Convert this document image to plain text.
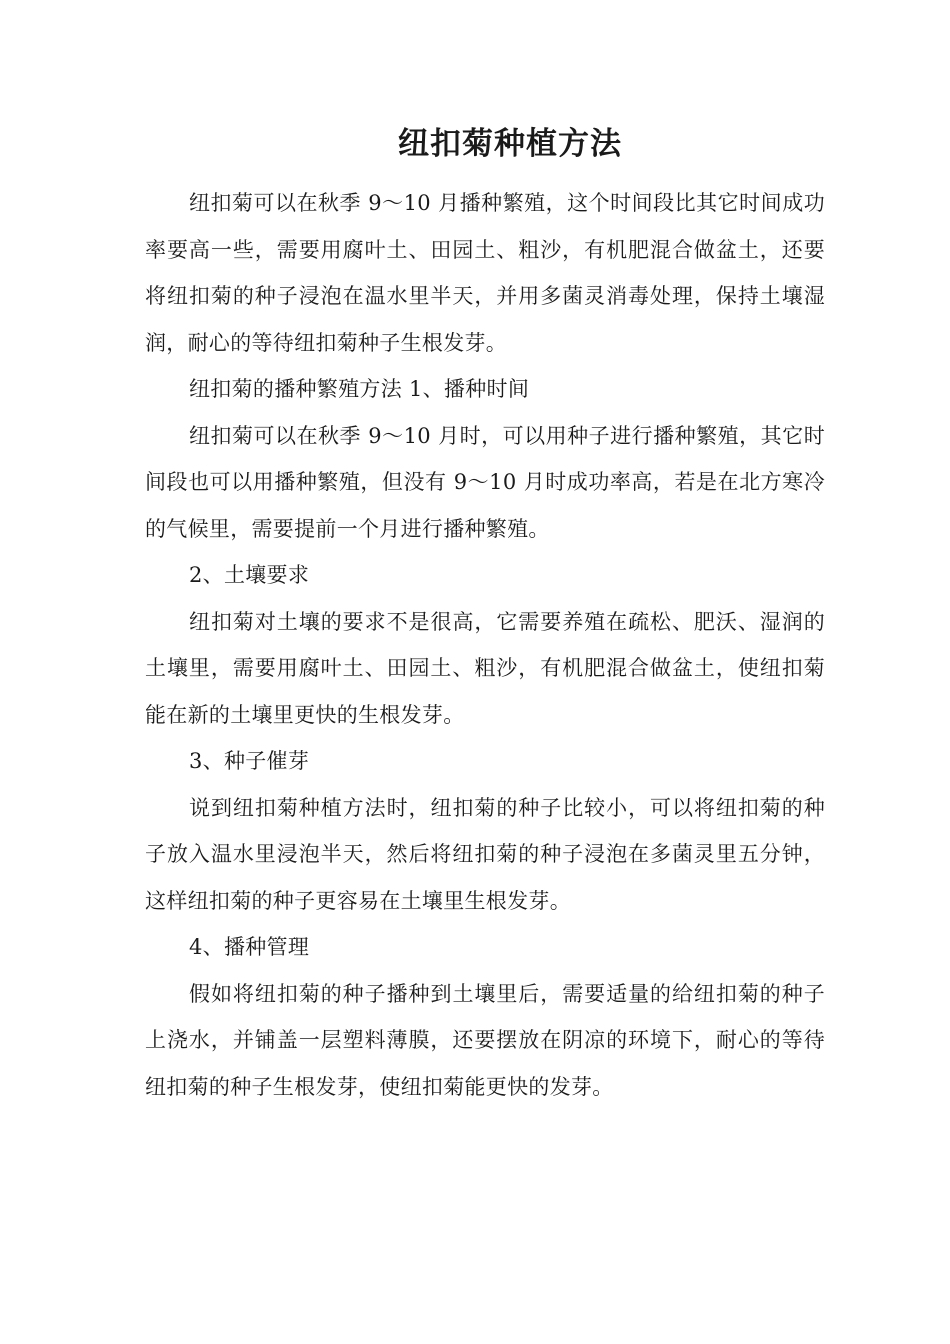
纽扣菊种植方法

纽扣菊可以在秋季 9～10 月播种繁殖，这个时间段比其它时间成功率要高一些，需要用腐叶土、田园土、粗沙，有机肥混合做盆土，还要将纽扣菊的种子浸泡在温水里半天，并用多菌灵消毒处理，保持土壤湿润，耐心的等待纽扣菊种子生根发芽。

纽扣菊的播种繁殖方法 1、播种时间

纽扣菊可以在秋季 9～10 月时，可以用种子进行播种繁殖，其它时间段也可以用播种繁殖，但没有 9～10 月时成功率高，若是在北方寒冷的气候里，需要提前一个月进行播种繁殖。

2、土壤要求

纽扣菊对土壤的要求不是很高，它需要养殖在疏松、肥沃、湿润的土壤里，需要用腐叶土、田园土、粗沙，有机肥混合做盆土，使纽扣菊能在新的土壤里更快的生根发芽。

3、种子催芽

说到纽扣菊种植方法时，纽扣菊的种子比较小，可以将纽扣菊的种子放入温水里浸泡半天，然后将纽扣菊的种子浸泡在多菌灵里五分钟，这样纽扣菊的种子更容易在土壤里生根发芽。

4、播种管理

假如将纽扣菊的种子播种到土壤里后，需要适量的给纽扣菊的种子上浇水，并铺盖一层塑料薄膜，还要摆放在阴凉的环境下，耐心的等待纽扣菊的种子生根发芽，使纽扣菊能更快的发芽。
